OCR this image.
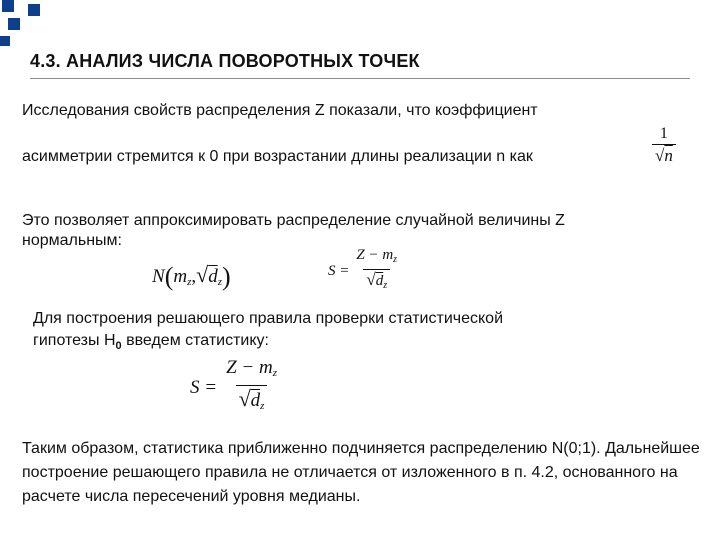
4.3. АНАЛИЗ ЧИСЛА ПОВОРОТНЫХ ТОЧЕК
Исследования свойств распределения Z показали, что коэффициент
асимметрии стремится к 0 при возрастании длины реализации n как	$\frac{1}{√n}$
Это позволяет аппроксимировать распределение случайной величины Z
нормальным:
$N(m_z,√d_z)$	$S = \frac{Z - m_z}{√d_z}$
Для построения решающего правила проверки статистической
гипотезы $H_0$ введем статистику:
$S = \frac{Z - m_z}{√d_z}$
Таким образом, статистика приближенно подчиняется распределению N(0;1). Дальнейшее построение решающего правила не отличается от изложенного в п. 4.2, основанного на расчете числа пересечений уровня медианы.
